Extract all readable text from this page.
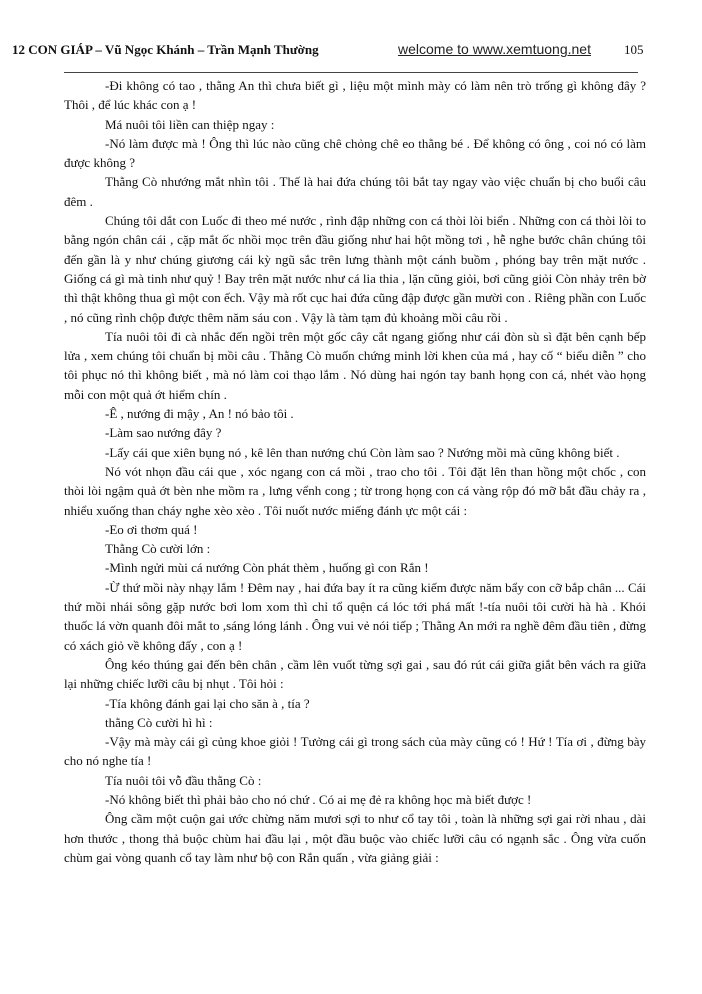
12 CON GIÁP – Vũ Ngọc Khánh – Trần Mạnh Thường	welcome to www.xemtuong.net	105

-Đi không có tao , thằng An thì chưa biết gì , liệu một mình mày có làm nên trò trống gì không đây ? Thôi , để lúc khác con ạ !

Má nuôi tôi liền can thiệp ngay :

-Nó làm được mà ! Ông thì lúc nào cũng chê chỏng chê eo thằng bé . Để không có ông , coi nó có làm được không ?

Thằng Cò nhướng mắt nhìn tôi . Thế là hai đứa chúng tôi bắt tay ngay vào việc chuẩn bị cho buổi câu đêm .

Chúng tôi dắt con Luốc đi theo mé nước , rình đập những con cá thòi lòi biển . Những con cá thòi lòi to bằng ngón chân cái , cặp mắt ốc nhồi mọc trên đầu giống như hai hột mồng tơi , hễ nghe bước chân chúng tôi đến gần là y như chúng giương cái kỳ ngũ sắc trên lưng thành một cánh buồm , phóng bay trên mặt nước . Giống cá gì mà tinh như quỷ ! Bay trên mặt nước như cá lia thia , lặn cũng giỏi, bơi cũng giỏi Còn nhảy trên bờ thì thật không thua gì một con ếch. Vậy mà rốt cục hai đứa cũng đập được gần mười con . Riêng phần con Luốc , nó cũng rình chộp được thêm năm sáu con . Vậy là tàm tạm đủ khoảng mồi câu rồi .

Tía nuôi tôi đi cà nhắc đến ngồi trên một gốc cây cắt ngang giống như cái đòn sù sì đặt bên cạnh bếp lửa , xem chúng tôi chuẩn bị mồi câu . Thằng Cò muốn chứng minh lời khen của má , hay cố “ biểu diễn ” cho tôi phục nó thì không biết , mà nó làm coi thạo lắm . Nó dùng hai ngón tay banh họng con cá, nhét vào họng mỗi con một quả ớt hiểm chín .

-Ê , nướng đi mậy , An ! nó bảo tôi .

-Làm sao nướng đây ?

-Lấy cái que xiên bụng nó , kê lên than nướng chú Còn làm sao ? Nướng mồi mà cũng không biết .

Nó vót nhọn đầu cái que , xóc ngang con cá mồi , trao cho tôi . Tôi đặt lên than hồng một chốc , con thòi lòi ngậm quả ớt bèn nhe mồm ra , lưng vểnh cong ; từ trong họng con cá vàng rộp đó mỡ bắt đầu chảy ra , nhiểu xuống than cháy nghe xèo xèo . Tôi nuốt nước miếng đánh ực một cái :

-Eo ơi thơm quá !

Thằng Cò cười lớn :

-Mình ngửi mùi cá nướng Còn phát thèm , huống gì con Rắn !

-Ừ thứ mồi này nhạy lắm ! Đêm nay , hai đứa bay ít ra cũng kiếm được năm bẩy con cỡ bắp chân ... Cái thứ mồi nhái sông gặp nước bơi lom xom thì chỉ tổ quện cá lóc tới phá mất !-tía nuôi tôi cười hà hà . Khói thuốc lá vờn quanh đôi mắt to ,sáng lóng lánh . Ông vui vẻ nói tiếp ; Thằng An mới ra nghề đêm đầu tiên , đừng có xách giỏ về không đấy , con ạ !

Ông kéo thúng gai đến bên chân , cầm lên vuốt từng sợi gai , sau đó rút cái giữa giắt bên vách ra giữa lại những chiếc lưỡi câu bị nhụt . Tôi hỏi :

-Tía không đánh gai lại cho săn à , tía ?

thằng Cò cười hì hì :

-Vậy mà mày cái gì củng khoe giỏi ! Tưởng cái gì trong sách của mày cũng có ! Hứ ! Tía ơi , đừng bày cho nó nghe tía !

Tía nuôi tôi vỗ đầu thằng Cò :

-Nó không biết thì phải bảo cho nó chứ . Có ai mẹ đẻ ra không học mà biết được !

Ông cầm một cuộn gai ước chừng năm mươi sợi to như cổ tay tôi , toàn là những sợi gai rời nhau , dài hơn thước , thong thả buộc chùm hai đầu lại , một đầu buộc vào chiếc lưỡi câu có ngạnh sắc . Ông vừa cuốn chùm gai vòng quanh cổ tay làm như bộ con Rắn quấn , vừa giảng giải :
